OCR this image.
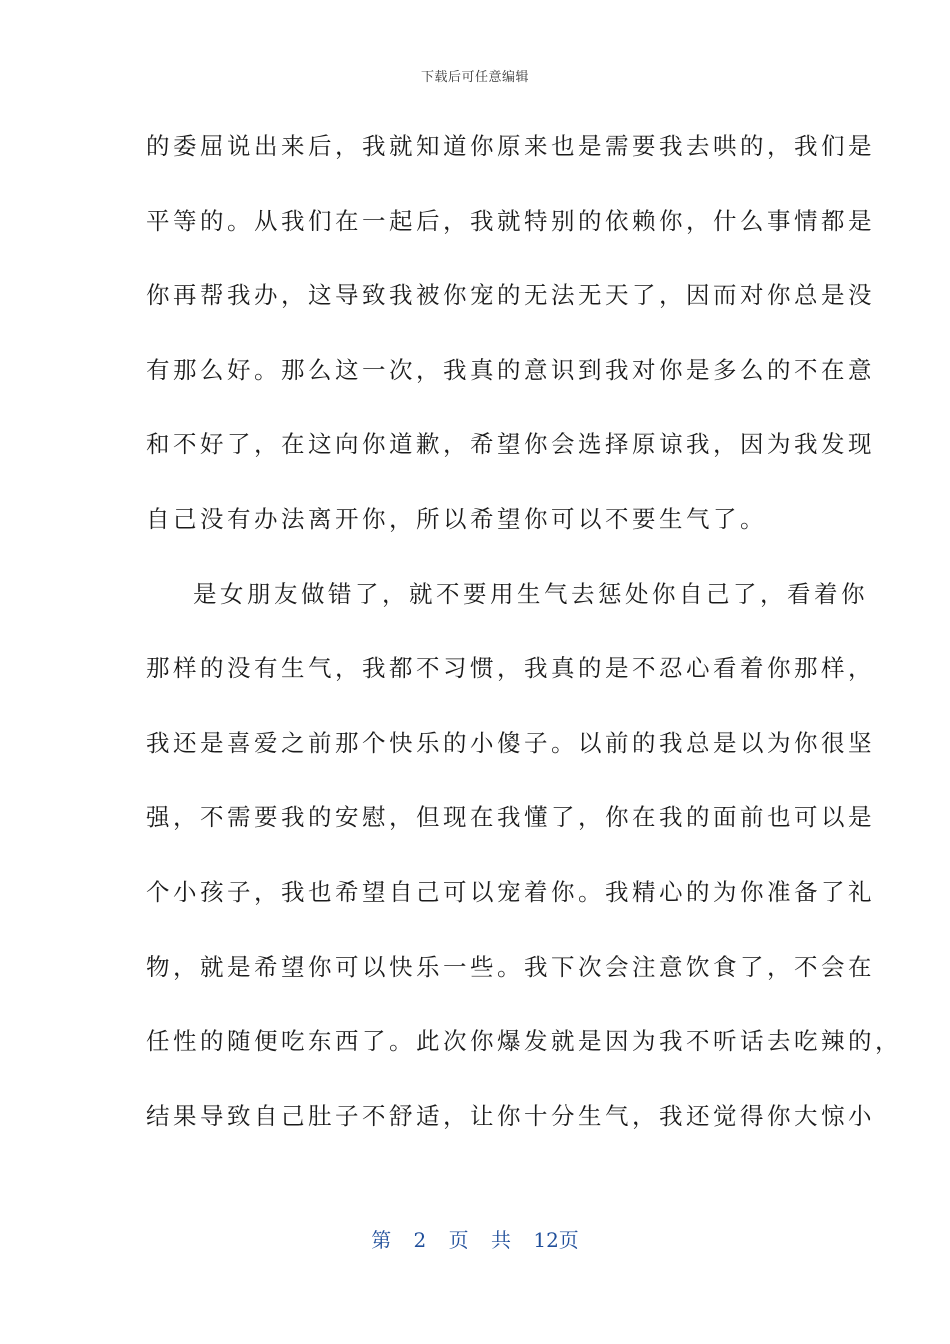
下载后可任意编辑
的委屈说出来后，我就知道你原来也是需要我去哄的，我们是
平等的。从我们在一起后，我就特别的依赖你，什么事情都是
你再帮我办，这导致我被你宠的无法无天了，因而对你总是没
有那么好。那么这一次，我真的意识到我对你是多么的不在意
和不好了，在这向你道歉，希望你会选择原谅我，因为我发现
自己没有办法离开你，所以希望你可以不要生气了。
是女朋友做错了，就不要用生气去惩处你自己了，看着你
那样的没有生气，我都不习惯，我真的是不忍心看着你那样，
我还是喜爱之前那个快乐的小傻子。以前的我总是以为你很坚
强，不需要我的安慰，但现在我懂了，你在我的面前也可以是
个小孩子，我也希望自己可以宠着你。我精心的为你准备了礼
物，就是希望你可以快乐一些。我下次会注意饮食了，不会在
任性的随便吃东西了。此次你爆发就是因为我不听话去吃辣的，
结果导致自己肚子不舒适，让你十分生气，我还觉得你大惊小
第 2 页 共 12页
